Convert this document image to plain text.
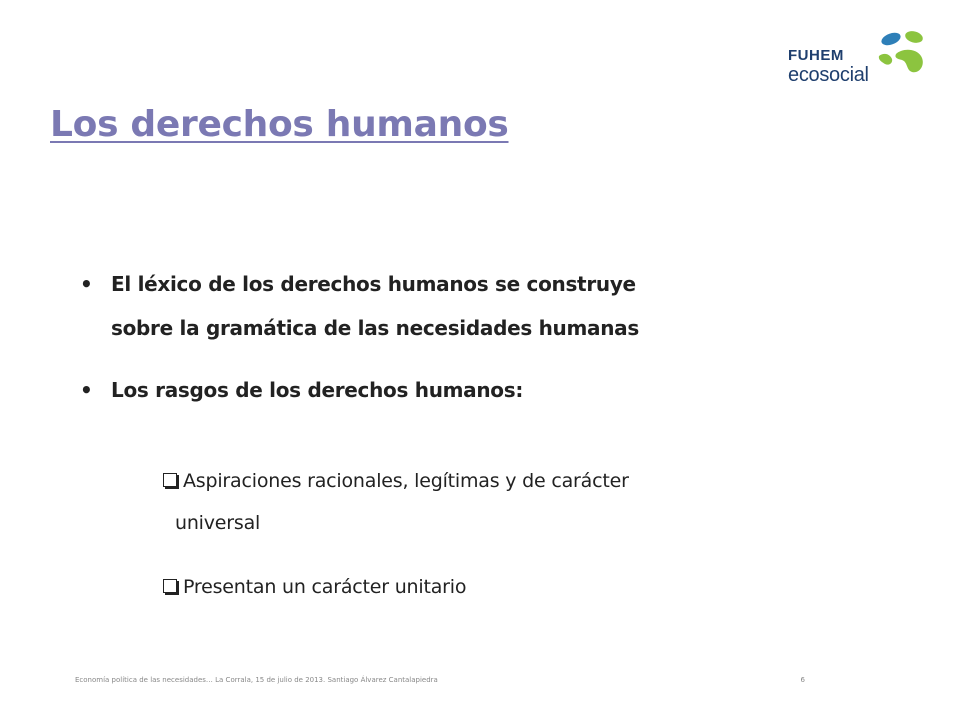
FUHEM
ecosocial
Los derechos humanos
• El léxico de los derechos humanos se construye
sobre la gramática de las necesidades humanas
• Los rasgos de los derechos humanos:
Aspiraciones racionales, legítimas y de carácter
universal
Presentan un carácter unitario
Economía política de las necesidades… La Corrala, 15 de julio de 2013. Santiago Álvarez Cantalapiedra	6
